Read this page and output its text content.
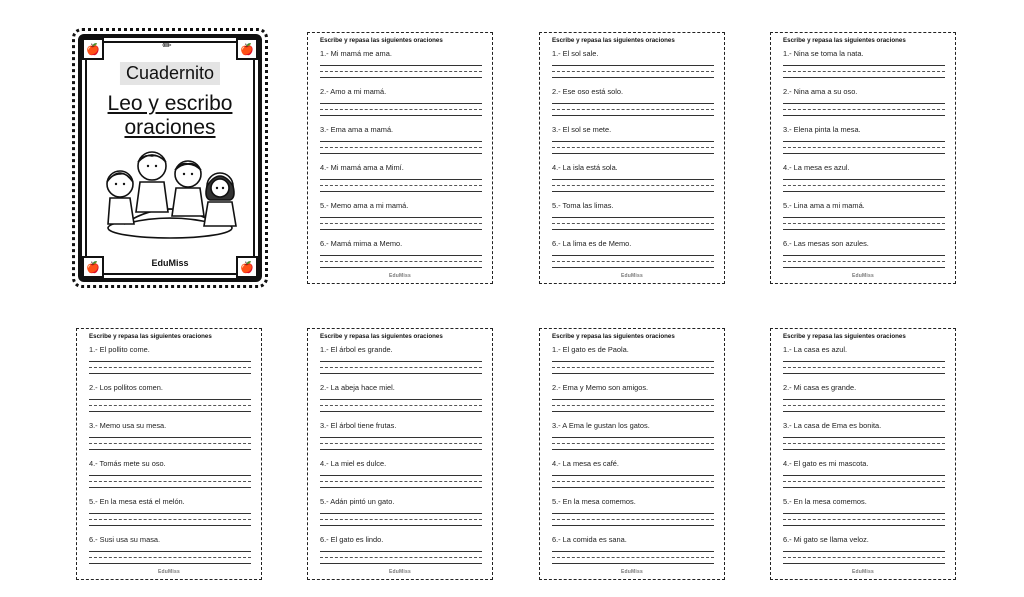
🍎	✏	🍎
🍎	🍎
Cuadernito
Leo y escribo
oraciones
EduMiss
Escribe y repasa las siguientes oraciones
1.- Mi mamá me ama.
2.- Amo a mi mamá.
3.- Ema ama a mamá.
4.- Mi mamá ama a Mimí.
5.- Memo ama a mi mamá.
6.- Mamá mima a Memo.
EduMiss
Escribe y repasa las siguientes oraciones
1.- El sol sale.
2.- Ese oso está solo.
3.- El sol se mete.
4.- La isla está sola.
5.- Toma las limas.
6.- La lima es de Memo.
EduMiss
Escribe y repasa las siguientes oraciones
1.- Nina se toma la nata.
2.- Nina ama a su oso.
3.- Elena pinta la mesa.
4.- La mesa es azul.
5.- Lina ama a mi mamá.
6.- Las mesas son azules.
EduMiss
Escribe y repasa las siguientes oraciones
1.- El pollito come.
2.- Los pollitos comen.
3.- Memo usa su mesa.
4.- Tomás mete su oso.
5.- En la mesa está el melón.
6.- Susi usa su masa.
EduMiss
Escribe y repasa las siguientes oraciones
1.- El árbol es grande.
2.- La abeja hace miel.
3.- El árbol tiene frutas.
4.- La miel es dulce.
5.- Adán pintó un gato.
6.- El gato es lindo.
EduMiss
Escribe y repasa las siguientes oraciones
1.- El gato es de Paola.
2.- Ema y Memo son amigos.
3.- A Ema le gustan los gatos.
4.- La mesa es café.
5.- En la mesa comemos.
6.- La comida es sana.
EduMiss
Escribe y repasa las siguientes oraciones
1.- La casa es azul.
2.- Mi casa es grande.
3.- La casa de Ema es bonita.
4.- El gato es mi mascota.
5.- En la mesa comemos.
6.- Mi gato se llama veloz.
EduMiss
